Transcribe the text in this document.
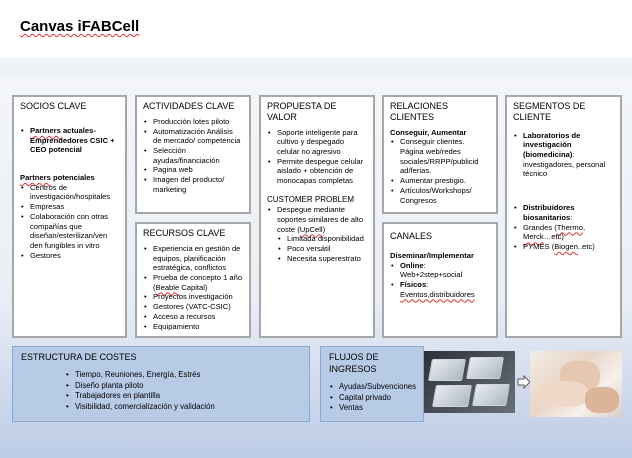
Canvas iFABCell
SOCIOS CLAVE
• Partners actuales- Emprendedores CSIC + CEO potencial
Partners potenciales
• Centros de investigación/hospitales
• Empresas
• Colaboración con otras compañías que diseñan/esterilizan/ven den fungibles in vitro
• Gestores
ACTIVIDADES CLAVE
• Producción lotes piloto
• Automatización Análisis de mercado/ competencia
• Selección ayudas/financiación
• Pagina web
• Imagen del producto/ marketing
RECURSOS CLAVE
• Experiencia en gestión de equipos, planificación estratégica, conflictos
• Prueba de concepto 1 año (Beable Capital)
• Proyectos investigación
• Gestores (VATC-CSIC)
• Acceso a recursos
• Equipamiento
PROPUESTA DE VALOR
• Soporte inteligente para cultivo y despegado celular no agresivo
• Permite despegue celular aislado + obtención de monocapas completas
CUSTOMER PROBLEM
• Despegue mediante soportes similares de alto coste (UpCell)
• Limitada disponibilidad
• Poco versátil
• Necesita superestrato
RELACIONES CLIENTES
Conseguir, Aumentar
• Conseguir clientes. Página web/redes sociales/RRPP/publicid ad/ferias.
• Aumentar prestigio.
• Artículos/Workshops/ Congresos
CANALES
Diseminar/Implementar
• Online:
Web+2step+social
• Físicos:
Eventos,distribuidores
SEGMENTOS DE CLIENTE
• Laboratorios de investigación (biomedicina): investigadores, personal técnico
• Distribuidores biosanitarios:
• Grandes (Thermo, Merck…etc)
• PYMES (Biogen..etc)
ESTRUCTURA DE COSTES
• Tiempo, Reuniones, Energía, Estrés
• Diseño planta piloto
• Trabajadores en plantilla
• Visibilidad, comercialización y validación
FLUJOS DE INGRESOS
• Ayudas/Subvenciones
• Capital privado
• Ventas
